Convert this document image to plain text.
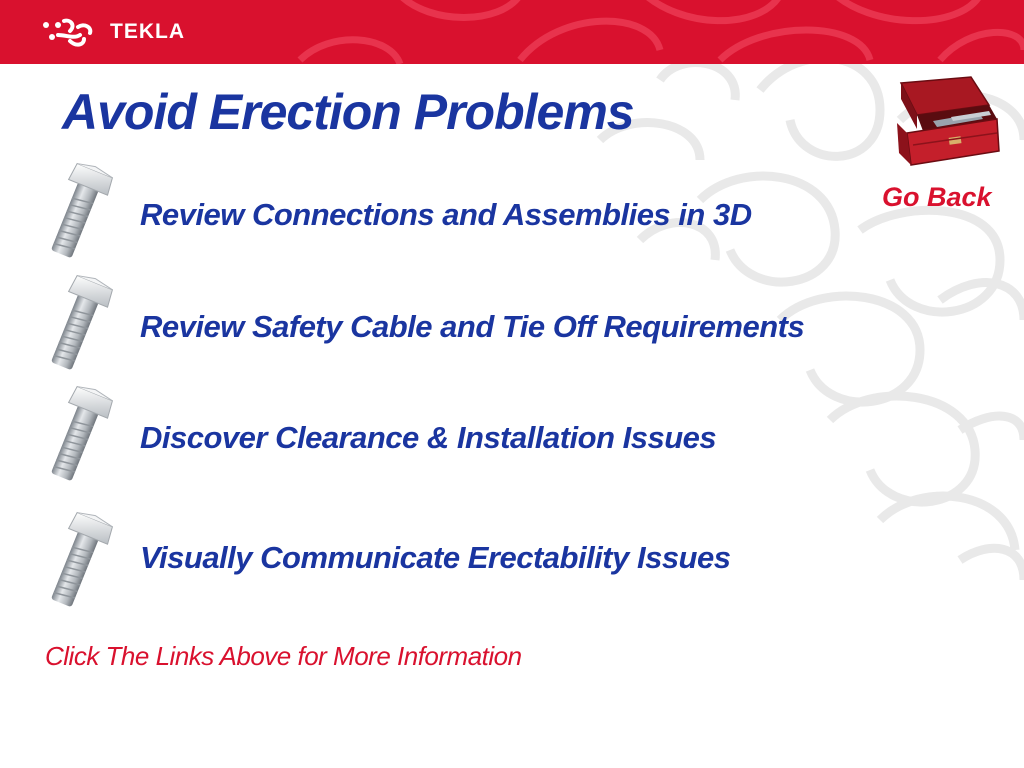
TEKLA
Avoid Erection Problems
Go Back
Review Connections and Assemblies in 3D
Review Safety Cable and Tie Off Requirements
Discover Clearance & Installation Issues
Visually Communicate Erectability Issues
Click The Links Above for More Information
